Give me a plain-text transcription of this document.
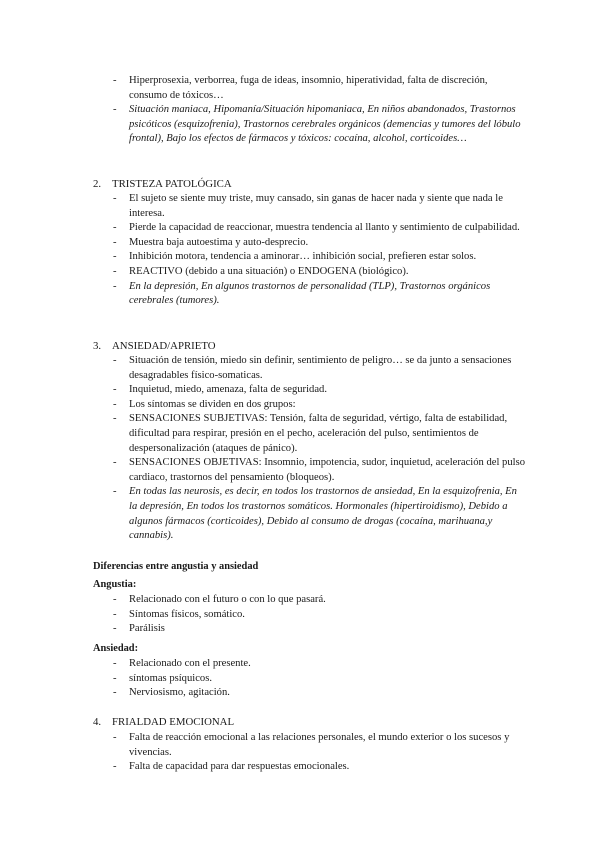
- Hiperprosexia, verborrea, fuga de ideas, insomnio, hiperatividad, falta de discreción, consumo de tóxicos…
- Situación maniaca, Hipomanía/Situación hipomaniaca, En niños abandonados, Trastornos psicóticos (esquizofrenia), Trastornos cerebrales orgánicos (demencias y tumores del lóbulo frontal), Bajo los efectos de fármacos y tóxicos: cocaína, alcohol, corticoides…
2. TRISTEZA PATOLÓGICA
- El sujeto se siente muy triste, muy cansado, sin ganas de hacer nada y siente que nada le interesa.
- Pierde la capacidad de reaccionar, muestra tendencia al llanto y sentimiento de culpabilidad.
- Muestra baja autoestima y auto-desprecio.
- Inhibición motora, tendencia a aminorar… inhibición social, prefieren estar solos.
- REACTIVO (debido a una situación) o ENDOGENA (biológico).
- En la depresión, En algunos trastornos de personalidad (TLP), Trastornos orgánicos cerebrales (tumores).
3. ANSIEDAD/APRIETO
- Situación de tensión, miedo sin definir, sentimiento de peligro… se da junto a sensaciones desagradables físico-somaticas.
- Inquietud, miedo, amenaza, falta de seguridad.
- Los síntomas se dividen en dos grupos:
- SENSACIONES SUBJETIVAS: Tensión, falta de seguridad, vértigo, falta de estabilidad, dificultad para respirar, presión en el pecho, aceleración del pulso, sentimientos de despersonalización (ataques de pánico).
- SENSACIONES OBJETIVAS: Insomnio, impotencia, sudor, inquietud, aceleración del pulso cardiaco, trastornos del pensamiento (bloqueos).
- En todas las neurosis, es decir, en todos los trastornos de ansiedad, En la esquizofrenia, En la depresión, En todos los trastornos somáticos. Hormonales (hipertiroidismo), Debido a algunos fármacos (corticoides), Debido al consumo de drogas (cocaína, marihuana,y cannabis).
Diferencias entre angustia y ansiedad
Angustia:
- Relacionado con el futuro o con lo que pasará.
- Síntomas físicos, somático.
- Parálisis
Ansiedad:
- Relacionado con el presente.
- síntomas psíquicos.
- Nerviosismo, agitación.
4. FRIALDAD EMOCIONAL
- Falta de reacción emocional a las relaciones personales, el mundo exterior o los sucesos y vivencias.
- Falta de capacidad para dar respuestas emocionales.
